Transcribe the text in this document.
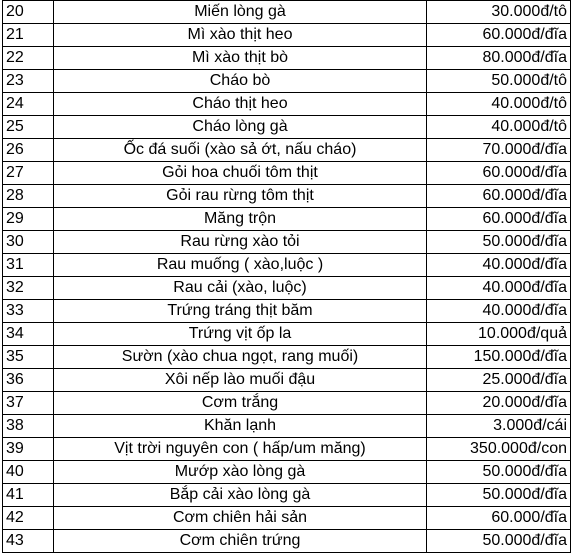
20	Miến lòng gà	30.000đ/tô
21	Mì xào thịt heo	60.000đ/đĩa
22	Mì xào thịt bò	80.000đ/đĩa
23	Cháo bò	50.000đ/tô
24	Cháo thịt heo	40.000đ/tô
25	Cháo lòng gà	40.000đ/tô
26	Ốc đá suối (xào sả ớt, nấu cháo)	70.000đ/đĩa
27	Gỏi hoa chuối tôm thịt	60.000đ/đĩa
28	Gỏi rau rừng tôm thịt	60.000đ/đĩa
29	Măng trộn	60.000đ/đĩa
30	Rau rừng xào tỏi	50.000đ/đĩa
31	Rau muống ( xào,luộc )	40.000đ/đĩa
32	Rau cải (xào, luộc)	40.000đ/đĩa
33	Trứng tráng thịt băm	40.000đ/đĩa
34	Trứng vịt ốp la	10.000đ/quả
35	Sườn (xào chua ngọt, rang muối)	150.000đ/đĩa
36	Xôi nếp lào muối đậu	25.000đ/đĩa
37	Cơm trắng	20.000đ/đĩa
38	Khăn lạnh	3.000đ/cái
39	Vịt trời nguyên con ( hấp/um măng)	350.000đ/con
40	Mướp xào lòng gà	50.000đ/đĩa
41	Bắp cải xào lòng gà	50.000đ/đĩa
42	Cơm chiên hải sản	60.000/đĩa
43	Cơm chiên trứng	50.000đ/đĩa
